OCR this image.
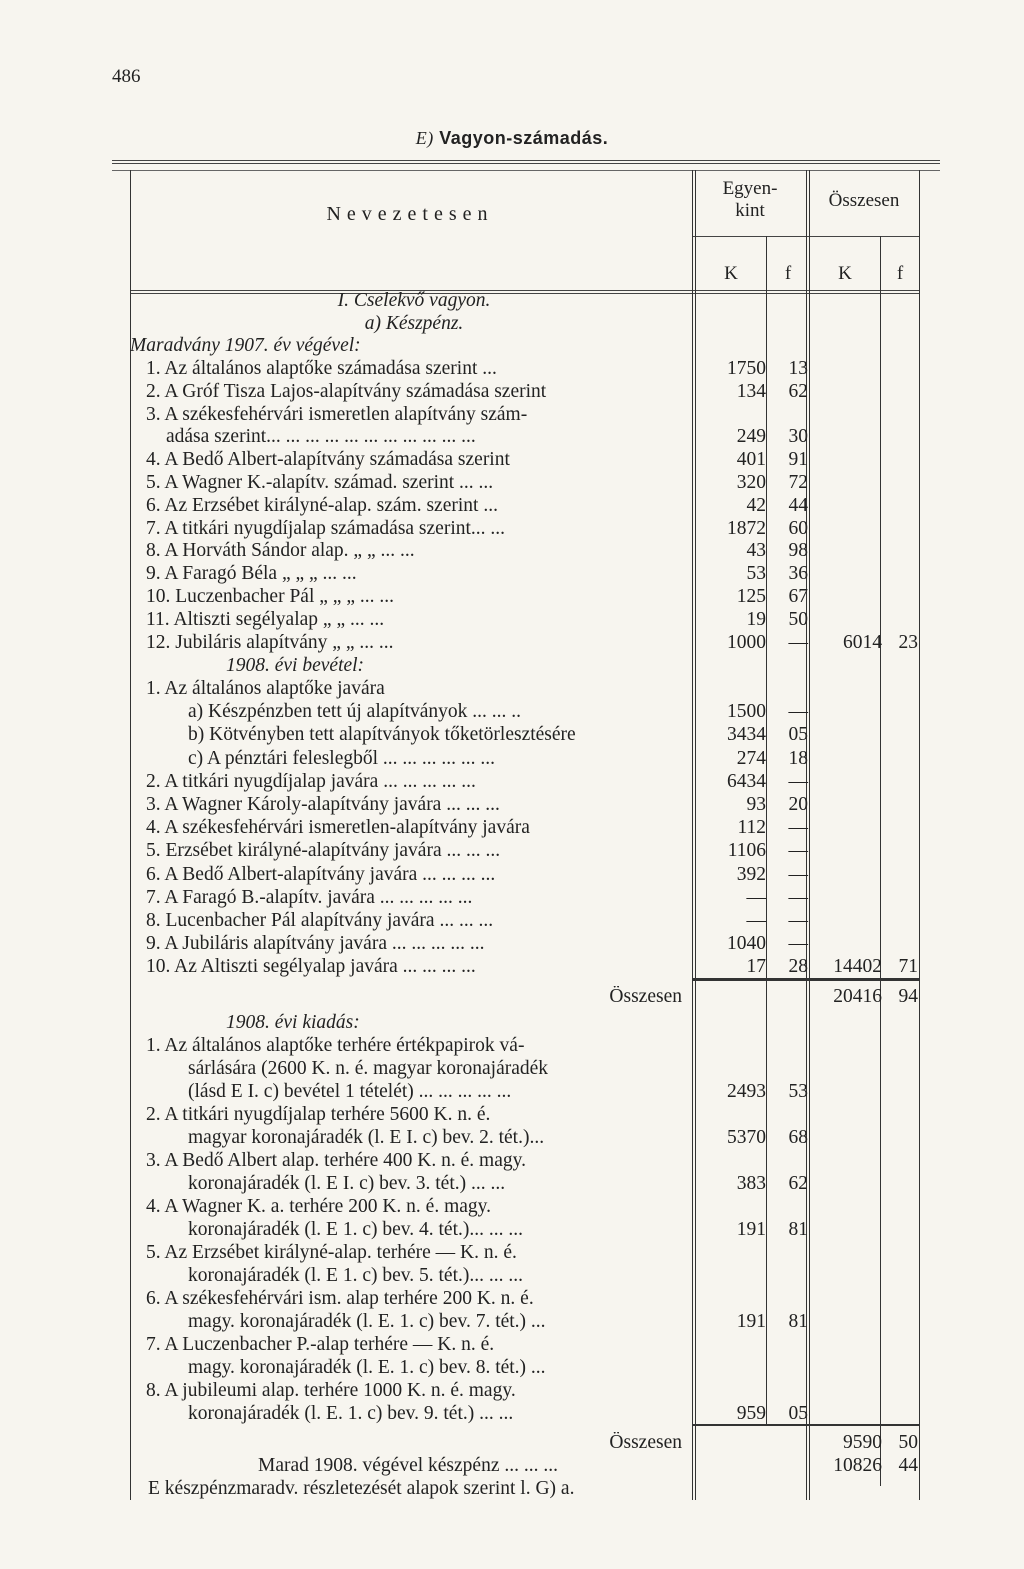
486
E) Vagyon-számadás.
Nevezetesen
Egyen-
kint	Összesen
K	f	K	f
I. Cselekvő vagyon.
a) Készpénz.
Maradvány 1907. év végével:
1. Az általános alaptőke számadása szerint ...	1750	13
2. A Gróf Tisza Lajos-alapítvány számadása szerint	134	62
3. A székesfehérvári ismeretlen alapítvány szám-
adása szerint... ... ... ... ... ... ... ... ... ... ...	249	30
4. A Bedő Albert-alapítvány számadása szerint	401	91
5. A Wagner K.-alapítv. számad. szerint ... ...	320	72
6. Az Erzsébet királyné-alap. szám. szerint ...	42	44
7. A titkári nyugdíjalap számadása szerint... ...	1872	60
8. A Horváth Sándor alap. „ „ ... ...	43	98
9. A Faragó Béla „ „ „ ... ...	53	36
10. Luczenbacher Pál „ „ „ ... ...	125	67
11. Altiszti segélyalap „ „ ... ...	19	50
12. Jubiláris alapítvány „ „ ... ...	1000	—	6014 23
1908. évi bevétel:
1. Az általános alaptőke javára
a) Készpénzben tett új alapítványok ... ... ..	1500	—
b) Kötvényben tett alapítványok tőketörlesztésére	3434	05
c) A pénztári feleslegből ... ... ... ... ... ...	274	18
2. A titkári nyugdíjalap javára ... ... ... ... ...	6434	—
3. A Wagner Károly-alapítvány javára ... ... ...	93	20
4. A székesfehérvári ismeretlen-alapítvány javára	112	—
5. Erzsébet királyné-alapítvány javára ... ... ...	1106	—
6. A Bedő Albert-alapítvány javára ... ... ... ...	392	—
7. A Faragó B.-alapítv. javára ... ... ... ... ...	—	—
8. Lucenbacher Pál alapítvány javára ... ... ...	—	—
9. A Jubiláris alapítvány javára ... ... ... ... ...	1040	—
10. Az Altiszti segélyalap javára ... ... ... ...	17	28	14402 71
Összesen	20416 94
1908. évi kiadás:
1. Az általános alaptőke terhére értékpapirok vá-
sárlására (2600 K. n. é. magyar koronajáradék
(lásd E I. c) bevétel 1 tételét) ... ... ... ... ...	2493	53
2. A titkári nyugdíjalap terhére 5600 K. n. é.
magyar koronajáradék (l. E I. c) bev. 2. tét.)...	5370	68
3. A Bedő Albert alap. terhére 400 K. n. é. magy.
koronajáradék (l. E I. c) bev. 3. tét.) ... ...	383	62
4. A Wagner K. a. terhére 200 K. n. é. magy.
koronajáradék (l. E 1. c) bev. 4. tét.)... ... ...	191	81
5. Az Erzsébet királyné-alap. terhére — K. n. é.
koronajáradék (l. E 1. c) bev. 5. tét.)... ... ...
6. A székesfehérvári ism. alap terhére 200 K. n. é.
magy. koronajáradék (l. E. 1. c) bev. 7. tét.) ...	191	81
7. A Luczenbacher P.-alap terhére — K. n. é.
magy. koronajáradék (l. E. 1. c) bev. 8. tét.) ...
8. A jubileumi alap. terhére 1000 K. n. é. magy.
koronajáradék (l. E. 1. c) bev. 9. tét.) ... ...	959	05
Összesen	9590 50
Marad 1908. végével készpénz ... ... ...	10826 44
E készpénzmaradv. részletezését alapok szerint l. G) a.
